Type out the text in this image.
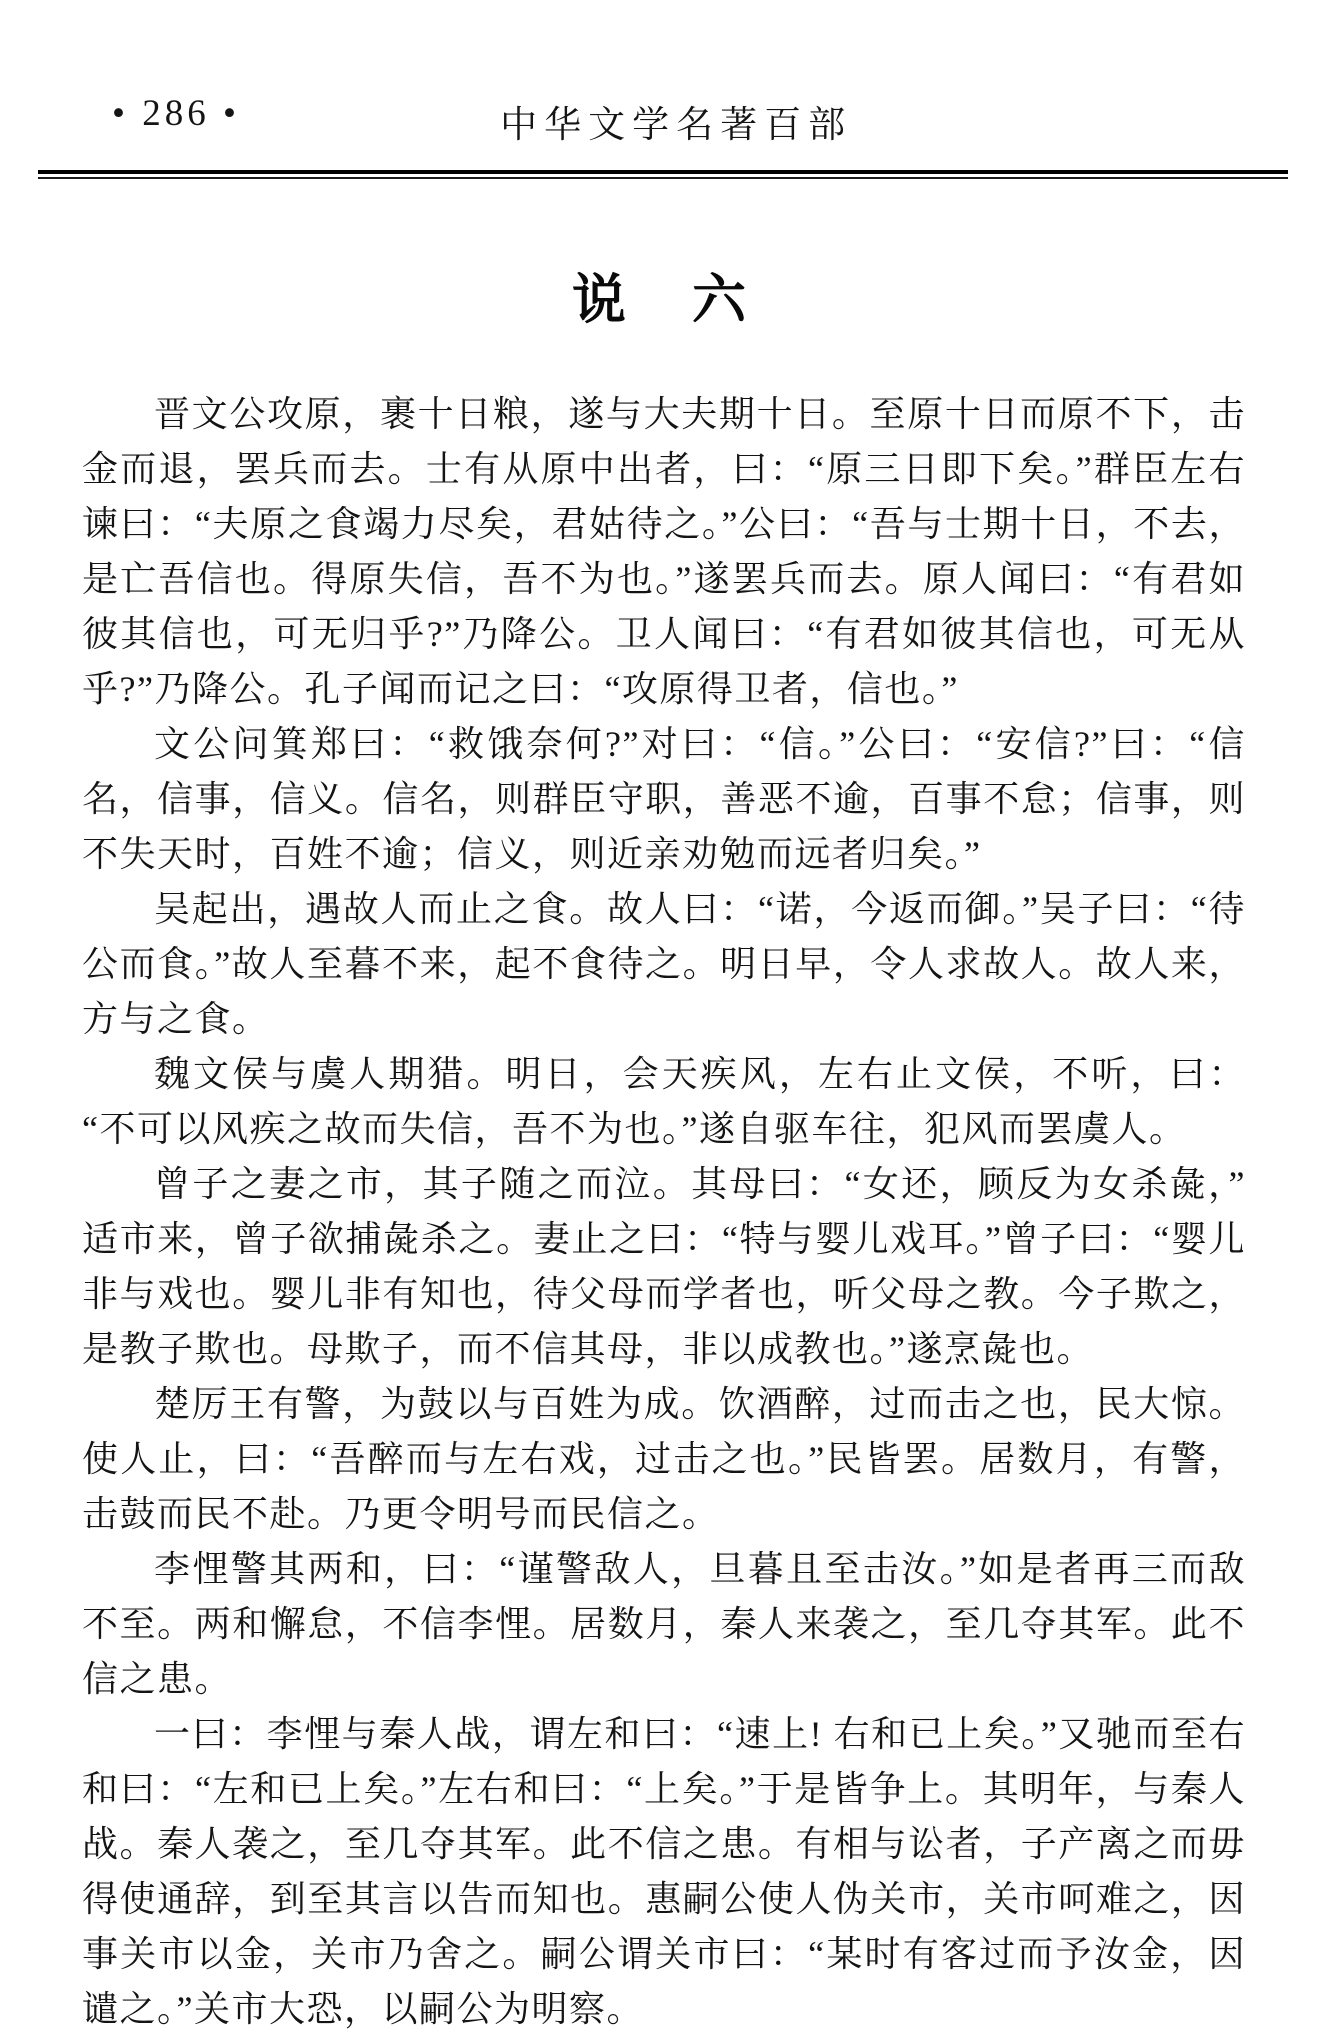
• 286 •	中华文学名著百部
说　六

晋文公攻原，裹十日粮，遂与大夫期十日。至原十日而原不下，击金而退，罢兵而去。士有从原中出者，曰：“原三日即下矣。”群臣左右谏曰：“夫原之食竭力尽矣，君姑待之。”公曰：“吾与士期十日，不去，是亡吾信也。得原失信，吾不为也。”遂罢兵而去。原人闻曰：“有君如彼其信也，可无归乎?”乃降公。卫人闻曰：“有君如彼其信也，可无从乎?”乃降公。孔子闻而记之曰：“攻原得卫者，信也。”

文公问箕郑曰：“救饿奈何?”对曰：“信。”公曰：“安信?”曰：“信名，信事，信义。信名，则群臣守职，善恶不逾，百事不怠；信事，则不失天时，百姓不逾；信义，则近亲劝勉而远者归矣。”

吴起出，遇故人而止之食。故人曰：“诺，今返而御。”吴子曰：“待公而食。”故人至暮不来，起不食待之。明日早，令人求故人。故人来，方与之食。

魏文侯与虞人期猎。明日，会天疾风，左右止文侯，不听，曰：“不可以风疾之故而失信，吾不为也。”遂自驱车往，犯风而罢虞人。

曾子之妻之市，其子随之而泣。其母曰：“女还，顾反为女杀彘，”适市来，曾子欲捕彘杀之。妻止之曰：“特与婴儿戏耳。”曾子曰：“婴儿非与戏也。婴儿非有知也，待父母而学者也，听父母之教。今子欺之，是教子欺也。母欺子，而不信其母，非以成教也。”遂烹彘也。

楚厉王有警，为鼓以与百姓为成。饮酒醉，过而击之也，民大惊。使人止，曰：“吾醉而与左右戏，过击之也。”民皆罢。居数月，有警，击鼓而民不赴。乃更令明号而民信之。

李悝警其两和，曰：“谨警敌人，旦暮且至击汝。”如是者再三而敌不至。两和懈怠，不信李悝。居数月，秦人来袭之，至几夺其军。此不信之患。

一曰：李悝与秦人战，谓左和曰：“速上! 右和已上矣。”又驰而至右和曰：“左和已上矣。”左右和曰：“上矣。”于是皆争上。其明年，与秦人战。秦人袭之，至几夺其军。此不信之患。有相与讼者，子产离之而毋得使通辞，到至其言以告而知也。惠嗣公使人伪关市，关市呵难之，因事关市以金，关市乃舍之。嗣公谓关市曰：“某时有客过而予汝金，因谴之。”关市大恐，以嗣公为明察。
